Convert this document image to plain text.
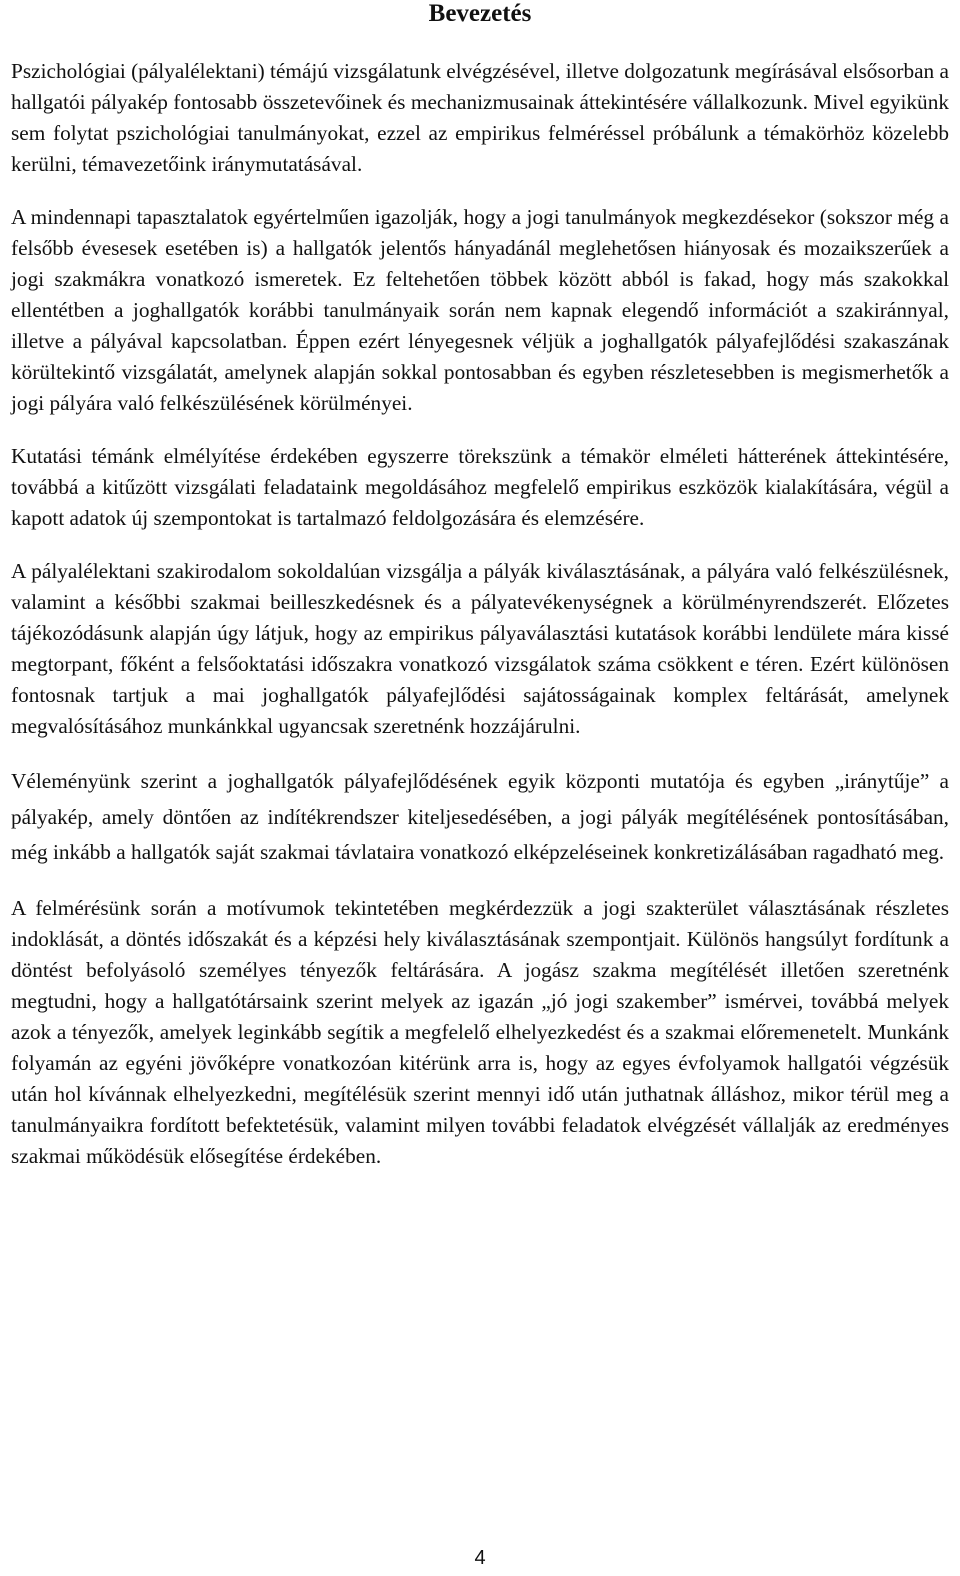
Bevezetés

Pszichológiai (pályalélektani) témájú vizsgálatunk elvégzésével, illetve dolgozatunk megírásával elsősorban a hallgatói pályakép fontosabb összetevőinek és mechanizmusainak áttekintésére vállalkozunk. Mivel egyikünk sem folytat pszichológiai tanulmányokat, ezzel az empirikus felméréssel próbálunk a témakörhöz közelebb kerülni, témavezetőink iránymutatásával.

A mindennapi tapasztalatok egyértelműen igazolják, hogy a jogi tanulmányok megkezdésekor (sokszor még a felsőbb évesesek esetében is) a hallgatók jelentős hányadánál meglehetősen hiányosak és mozaikszerűek a jogi szakmákra vonatkozó ismeretek. Ez feltehetően többek között abból is fakad, hogy más szakokkal ellentétben a joghallgatók korábbi tanulmányaik során nem kapnak elegendő információt a szakiránnyal, illetve a pályával kapcsolatban. Éppen ezért lényegesnek véljük a joghallgatók pályafejlődési szakaszának körültekintő vizsgálatát, amelynek alapján sokkal pontosabban és egyben részletesebben is megismerhetők a jogi pályára való felkészülésének körülményei.

Kutatási témánk elmélyítése érdekében egyszerre törekszünk a témakör elméleti hátterének áttekintésére, továbbá a kitűzött vizsgálati feladataink megoldásához megfelelő empirikus eszközök kialakítására, végül a kapott adatok új szempontokat is tartalmazó feldolgozására és elemzésére.

A pályalélektani szakirodalom sokoldalúan vizsgálja a pályák kiválasztásának, a pályára való felkészülésnek, valamint a későbbi szakmai beilleszkedésnek és a pályatevékenységnek a körülményrendszerét. Előzetes tájékozódásunk alapján úgy látjuk, hogy az empirikus pályaválasztási kutatások korábbi lendülete mára kissé megtorpant, főként a felsőoktatási időszakra vonatkozó vizsgálatok száma csökkent e téren. Ezért különösen fontosnak tartjuk a mai joghallgatók pályafejlődési sajátosságainak komplex feltárását, amelynek megvalósításához munkánkkal ugyancsak szeretnénk hozzájárulni.

Véleményünk szerint a joghallgatók pályafejlődésének egyik központi mutatója és egyben „iránytűje” a pályakép, amely döntően az indítékrendszer kiteljesedésében, a jogi pályák megítélésének pontosításában, még inkább a hallgatók saját szakmai távlataira vonatkozó elképzeléseinek konkretizálásában ragadható meg.

A felmérésünk során a motívumok tekintetében megkérdezzük a jogi szakterület választásának részletes indoklását, a döntés időszakát és a képzési hely kiválasztásának szempontjait. Különös hangsúlyt fordítunk a döntést befolyásoló személyes tényezők feltárására. A jogász szakma megítélését illetően szeretnénk megtudni, hogy a hallgatótársaink szerint melyek az igazán „jó jogi szakember” ismérvei, továbbá melyek azok a tényezők, amelyek leginkább segítik a megfelelő elhelyezkedést és a szakmai előremenetelt. Munkánk folyamán az egyéni jövőképre vonatkozóan kitérünk arra is, hogy az egyes évfolyamok hallgatói végzésük után hol kívánnak elhelyezkedni, megítélésük szerint mennyi idő után juthatnak álláshoz, mikor térül meg a tanulmányaikra fordított befektetésük, valamint milyen további feladatok elvégzését vállalják az eredményes szakmai működésük elősegítése érdekében.

4
